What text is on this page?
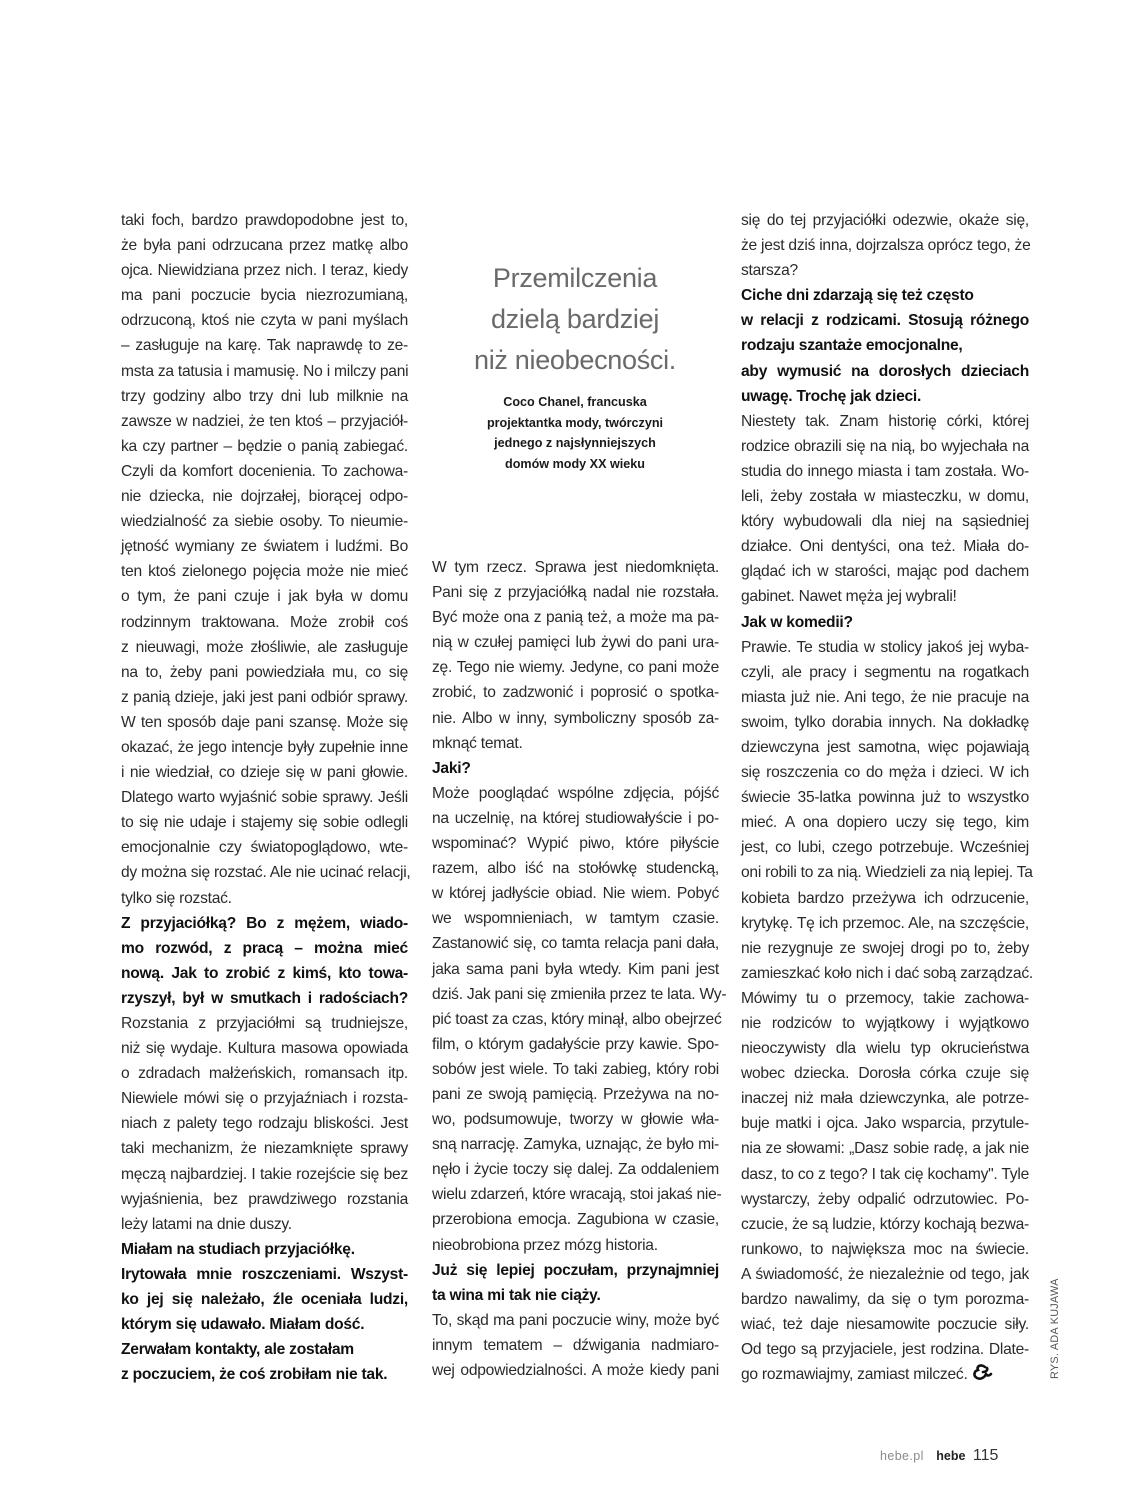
taki foch, bardzo prawdopodobne jest to,
że była pani odrzucana przez matkę albo
ojca. Niewidziana przez nich. I teraz, kiedy
ma pani poczucie bycia niezrozumianą,
odrzuconą, ktoś nie czyta w pani myślach
– zasługuje na karę. Tak naprawdę to ze-
msta za tatusia i mamusię. No i milczy pani
trzy godziny albo trzy dni lub milknie na
zawsze w nadziei, że ten ktoś – przyjaciół-
ka czy partner – będzie o panią zabiegać.
Czyli da komfort docenienia. To zachowa-
nie dziecka, nie dojrzałej, biorącej odpo-
wiedzialność za siebie osoby. To nieumie-
jętność wymiany ze światem i ludźmi. Bo
ten ktoś zielonego pojęcia może nie mieć
o tym, że pani czuje i jak była w domu
rodzinnym traktowana. Może zrobił coś
z nieuwagi, może złośliwie, ale zasługuje
na to, żeby pani powiedziała mu, co się
z panią dzieje, jaki jest pani odbiór sprawy.
W ten sposób daje pani szansę. Może się
okazać, że jego intencje były zupełnie inne
i nie wiedział, co dzieje się w pani głowie.
Dlatego warto wyjaśnić sobie sprawy. Jeśli
to się nie udaje i stajemy się sobie odlegli
emocjonalnie czy światopoglądowo, wte-
dy można się rozstać. Ale nie ucinać relacji,
tylko się rozstać.
Z przyjaciółką? Bo z mężem, wiado-
mo rozwód, z pracą – można mieć
nową. Jak to zrobić z kimś, kto towa-
rzyszył, był w smutkach i radościach?
Rozstania z przyjaciółmi są trudniejsze,
niż się wydaje. Kultura masowa opowiada
o zdradach małżeńskich, romansach itp.
Niewiele mówi się o przyjaźniach i rozsta-
niach z palety tego rodzaju bliskości. Jest
taki mechanizm, że niezamknięte sprawy
męczą najbardziej. I takie rozejście się bez
wyjaśnienia, bez prawdziwego rozstania
leży latami na dnie duszy.
Miałam na studiach przyjaciółkę.
Irytowała mnie roszczeniami. Wszyst-
ko jej się należało, źle oceniała ludzi,
którym się udawało. Miałam dość.
Zerwałam kontakty, ale zostałam
z poczuciem, że coś zrobiłam nie tak.
Przemilczenia
dzielą bardziej
niż nieobecności.
Coco Chanel, francuska
projektantka mody, twórczyni
jednego z najsłynniejszych
domów mody XX wieku
W tym rzecz. Sprawa jest niedomknięta.
Pani się z przyjaciółką nadal nie rozstała.
Być może ona z panią też, a może ma pa-
nią w czułej pamięci lub żywi do pani ura-
zę. Tego nie wiemy. Jedyne, co pani może
zrobić, to zadzwonić i poprosić o spotka-
nie. Albo w inny, symboliczny sposób za-
mknąć temat.
Jaki?
Może pooglądać wspólne zdjęcia, pójść
na uczelnię, na której studiowałyście i po-
wspominać? Wypić piwo, które piłyście
razem, albo iść na stołówkę studencką,
w której jadłyście obiad. Nie wiem. Pobyć
we wspomnieniach, w tamtym czasie.
Zastanowić się, co tamta relacja pani dała,
jaka sama pani była wtedy. Kim pani jest
dziś. Jak pani się zmieniła przez te lata. Wy-
pić toast za czas, który minął, albo obejrzeć
film, o którym gadałyście przy kawie. Spo-
sobów jest wiele. To taki zabieg, który robi
pani ze swoją pamięcią. Przeżywa na no-
wo, podsumowuje, tworzy w głowie wła-
sną narrację. Zamyka, uznając, że było mi-
nęło i życie toczy się dalej. Za oddaleniem
wielu zdarzeń, które wracają, stoi jakaś nie-
przerobiona emocja. Zagubiona w czasie,
nieobrobiona przez mózg historia.
Już się lepiej poczułam, przynajmniej
ta wina mi tak nie ciąży.
To, skąd ma pani poczucie winy, może być
innym tematem – dźwigania nadmiaro-
wej odpowiedzialności. A może kiedy pani
się do tej przyjaciółki odezwie, okaże się,
że jest dziś inna, dojrzalsza oprócz tego, że
starsza?
Ciche dni zdarzają się też często
w relacji z rodzicami. Stosują różnego
rodzaju szantaże emocjonalne,
aby wymusić na dorosłych dzieciach
uwagę. Trochę jak dzieci.
Niestety tak. Znam historię córki, której
rodzice obrazili się na nią, bo wyjechała na
studia do innego miasta i tam została. Wo-
leli, żeby została w miasteczku, w domu,
który wybudowali dla niej na sąsiedniej
działce. Oni dentyści, ona też. Miała do-
glądać ich w starości, mając pod dachem
gabinet. Nawet męża jej wybrali!
Jak w komedii?
Prawie. Te studia w stolicy jakoś jej wyba-
czyli, ale pracy i segmentu na rogatkach
miasta już nie. Ani tego, że nie pracuje na
swoim, tylko dorabia innych. Na dokładkę
dziewczyna jest samotna, więc pojawiają
się roszczenia co do męża i dzieci. W ich
świecie 35-latka powinna już to wszystko
mieć. A ona dopiero uczy się tego, kim
jest, co lubi, czego potrzebuje. Wcześniej
oni robili to za nią. Wiedzieli za nią lepiej. Ta
kobieta bardzo przeżywa ich odrzucenie,
krytykę. Tę ich przemoc. Ale, na szczęście,
nie rezygnuje ze swojej drogi po to, żeby
zamieszkać koło nich i dać sobą zarządzać.
Mówimy tu o przemocy, takie zachowa-
nie rodziców to wyjątkowy i wyjątkowo
nieoczywisty dla wielu typ okrucieństwa
wobec dziecka. Dorosła córka czuje się
inaczej niż mała dziewczynka, ale potrze-
buje matki i ojca. Jako wsparcia, przytule-
nia ze słowami: „Dasz sobie radę, a jak nie
dasz, to co z tego? I tak cię kochamy". Tyle
wystarczy, żeby odpalić odrzutowiec. Po-
czucie, że są ludzie, którzy kochają bezwa-
runkowo, to największa moc na świecie.
A świadomość, że niezależnie od tego, jak
bardzo nawalimy, da się o tym porozma-
wiać, też daje niesamowite poczucie siły.
Od tego są przyjaciele, jest rodzina. Dlate-
go rozmawiajmy, zamiast milczeć.	RYS. ADA KUJAWA
hebe.pl hebe 115
